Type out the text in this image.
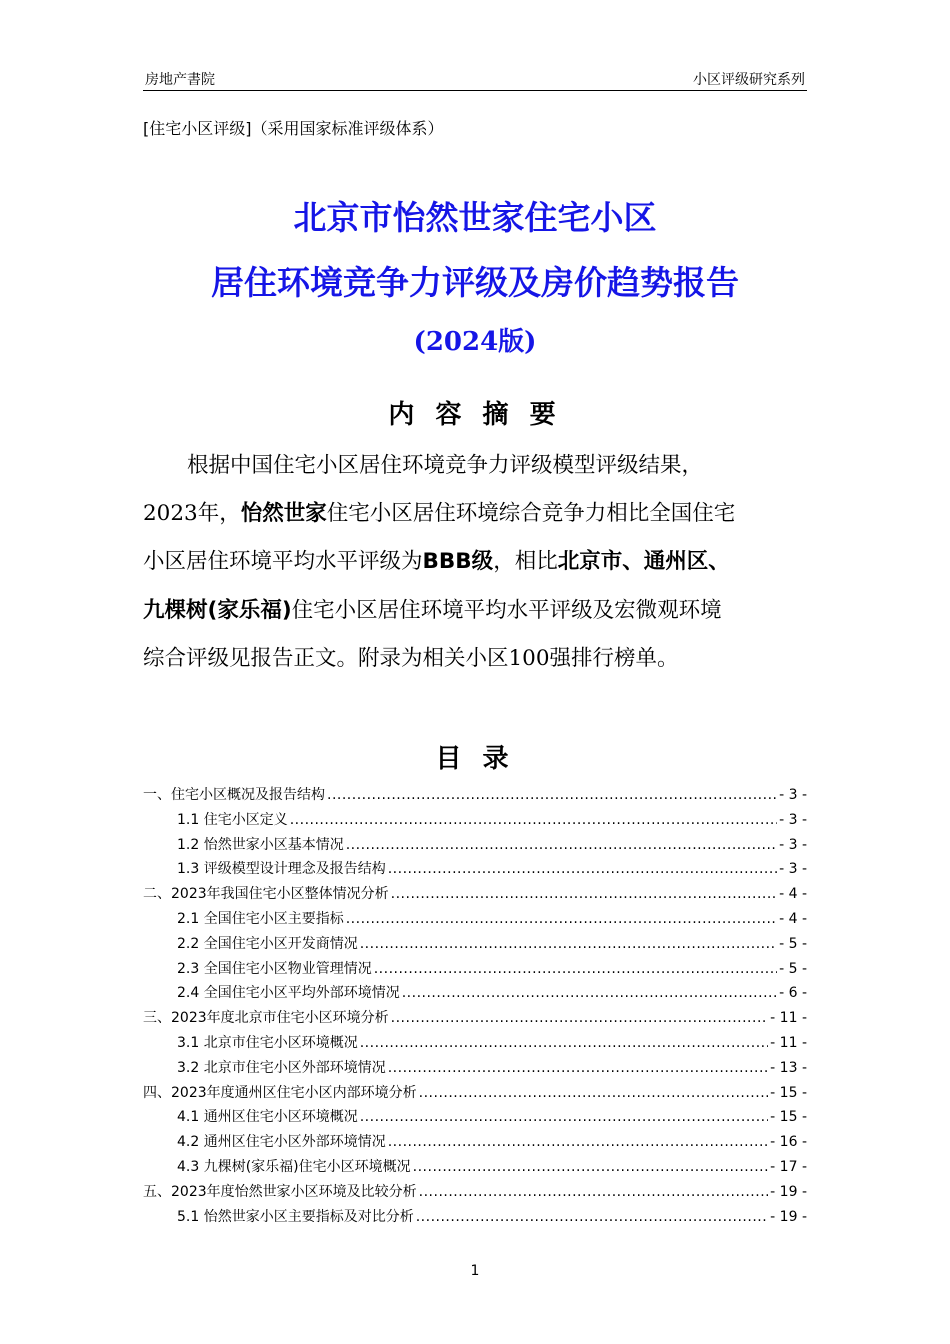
房地产書院	小区评级研究系列
[住宅小区评级]（采用国家标准评级体系）
北京市怡然世家住宅小区
居住环境竞争力评级及房价趋势报告
(2024版)
内 容 摘 要
根据中国住宅小区居住环境竞争力评级模型评级结果，
2023年，怡然世家住宅小区居住环境综合竞争力相比全国住宅
小区居住环境平均水平评级为BBB级，相比北京市、通州区、
九棵树(家乐福)住宅小区居住环境平均水平评级及宏微观环境
综合评级见报告正文。附录为相关小区100强排行榜单。
目 录
一、住宅小区概况及报告结构 .....	- 3 -
1.1 住宅小区定义 .....	- 3 -
1.2 怡然世家小区基本情况 .....	- 3 -
1.3 评级模型设计理念及报告结构 .....	- 3 -
二、2023年我国住宅小区整体情况分析 .....	- 4 -
2.1 全国住宅小区主要指标 .....	- 4 -
2.2 全国住宅小区开发商情况 .....	- 5 -
2.3 全国住宅小区物业管理情况 .....	- 5 -
2.4 全国住宅小区平均外部环境情况 .....	- 6 -
三、2023年度北京市住宅小区环境分析 .....	- 11 -
3.1 北京市住宅小区环境概况 .....	- 11 -
3.2 北京市住宅小区外部环境情况 .....	- 13 -
四、2023年度通州区住宅小区内部环境分析 .....	- 15 -
4.1 通州区住宅小区环境概况 .....	- 15 -
4.2 通州区住宅小区外部环境情况 .....	- 16 -
4.3 九棵树(家乐福)住宅小区环境概况 .....	- 17 -
五、2023年度怡然世家小区环境及比较分析 .....	- 19 -
5.1 怡然世家小区主要指标及对比分析 .....	- 19 -
1
